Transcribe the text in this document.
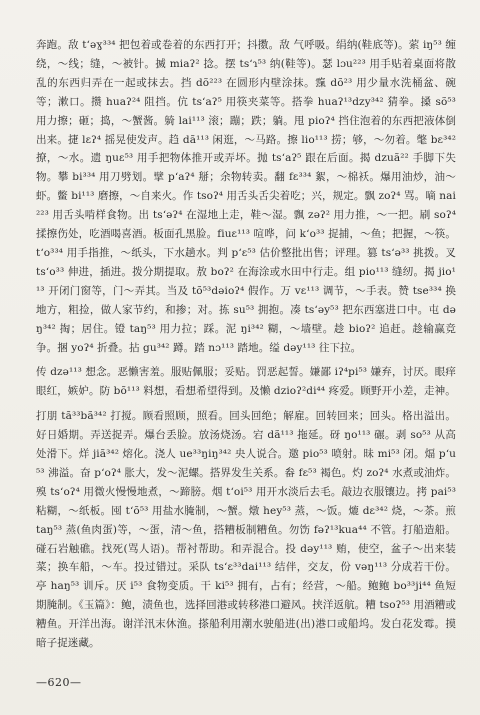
奔跑。敌 tʻəɣ³³⁴ 把包着或卷着的东西打开；抖擞。敌 气呼吸。绢纳(鞋底等)。萦 iŋ⁵³ 缠绕，～线；缝，～被针。搣 miaʔ² 捻。摆 tsʻɿ⁵³ 纳(鞋等)。瑟 lɔu²²³ 用手贴着桌面将散乱的东西归弄在一起或抹去。挡 dõ²²³ 在圆形内壁涂抹。霼 dõ²³ 用少量水洗桶盆、碗等；漱口。攒 huaʔ²⁴ 阻挡。伉 tsʻaʔ⁵ 用筷夹菜等。搭拳 huaʔ¹³dzy³⁴² 猜拳。搡 sõ⁵³ 用力擦；砸；捣，～蟹酱。躸 lai¹¹³ 滚；蹦；跌；躺。甩 pioʔ⁴ 挡住泡着的东西把液体倒出来。捷 lɛʔ⁴ 摇晃使发声。趋 dã¹¹³ 闲逛，～马路。擦 lio¹¹³ 捞；够，～勿着。氅 bɛ³⁴² 撩，～水。遗 ŋuɛ⁵³ 用手把物体推开或弄坏。抛 tsʻaʔ⁵ 跟在后面。揭 dzuã²² 手脚下失物。攀 bi³³⁴ 用刀劈划。擘 pʻaʔ⁴ 掰；余物转卖。翻 fɛ³³⁴ 絮，～棉袄。爆用油炒，油～虾。鳖 bi¹¹³ 磨擦，～自来火。作 tsoʔ⁴ 用舌头舌尖着吃；兴，规定。飘 zoʔ⁴ 骂。嘀 nai²²³ 用舌头啃样食物。出 tsʻəʔ⁴ 在湿地上走，鞋～湿。飘 zəʔ² 用力推，～一把。刷 soʔ⁴ 揉擦伤处，吃酒喝喜酒。板面孔黑脸。fiuɛ¹¹³ 喧哗，问 kʻo³³ 捉捕，～鱼；把握，～筷。tʻo³³⁴ 用手指推，～纸头，下水趟水。判 pʻɛ⁵³ 估价整批出售；评理。篡 tsʻə³³ 挑拨。叉 tsʻo³³ 伸进，插进。拨分期提取。敖 boʔ² 在海涂或水田中行走。组 pio¹¹³ 缝纫。揭 jio¹¹³ 开闭门窗等，门～弄其。当及 tõ⁵³dəioʔ⁴ 假作。万 vɛ¹¹³ 调节，～手表。赞 tse³³⁴ 换地方，粗捡，做人家节约，和掺；对。拣 su⁵³ 拥抱。凑 tsʻəy⁵³ 把东西塞进口中。屯 dəŋ³⁴² 掏；居住。镫 taŋ⁵³ 用力拉；踩。泥 ŋi³⁴² 糊，～墙壁。趁 bioʔ² 追赶。趁输赢竞争。捆 yoʔ⁴ 折叠。拈 gu³⁴² 蹲。踏 nɔ¹¹³ 踏地。缢 dəy¹¹³ 往下拉。

传 dzə¹¹³ 想念。恶懒害羞。服贴佩服；妥贴。罚恶起誓。嫌鄙 iʔ⁴pi⁵³ 嫌弃，讨厌。眼痒眼红，嫉妒。防 bõ¹¹³ 料想，看想希望得到。及懒 dzioʔ²di⁴⁴ 疼爱。顾野开小差，走神。

打朋 tã³³bã³⁴² 打搅。顾看照顾，照看。回头回绝；解雇。回转回来；回头。格出溢出。好日婚期。弄送捉弄。爆台丢脸。放汤烧汤。宕 dã¹¹³ 拖延。砑 ŋo¹¹³ 碾。剥 so⁵³ 从高处滑下。烊 jiã³⁴² 熔化。浇人 ue³³ŋiŋ³⁴² 央人说合。邀 pio⁵³ 喷射。昧 mi⁵³ 闭。煏 pʻu⁵³ 沸溢。奋 pʻoʔ⁴ 胀大，发～泥螺。搭界发生关系。畚 fɛ⁵³ 褐色。灼 zoʔ⁴ 水煮或油炸。殠 tsʻoʔ⁴ 用微火慢慢地煮，～蹄膀。烟 tʻoi⁵³ 用开水淡后去毛。敲边衣服镶边。拷 pai⁵³ 粘糊，～纸板。囤 tʻõ⁵³ 用盐水腌制，～蟹。燉 hey⁵³ 蒸，～饭。熝 dɛ³⁴² 烧，～茶。煎 taŋ⁵³ 蒸(鱼肉蛋)等，～蛋，清～鱼，搭糟板制糟鱼。勿饬 fəʔ¹³kua⁴⁴ 不管。打船造船。碰石岩触礁。找死(骂人语)。帮衬帮助。和弄混合。投 dəy¹¹³ 贿，使空，盆子～出来装菜；换车船，～车。投过错过。采队 tsʻɛ³³dai¹¹³ 结伴，交友，份 vəŋ¹¹³ 分成若干份。亭 haŋ⁵³ 训斥。厌 i⁵³ 食物变质。干 ki⁵³ 拥有，占有；经营，～船。鲍鲍 bo³³ji⁴⁴ 鱼短期腌制。《玉篇》：鲍，渍鱼也，选择回港或转移港口避风。挟洋返航。糟 tsoʔ⁵³ 用酒糟或糟鱼。开洋出海。谢洋汛末休渔。搽船利用潮水驶船进(出)港口或船坞。发白花发霉。摸暗子捉迷藏。

—620—
